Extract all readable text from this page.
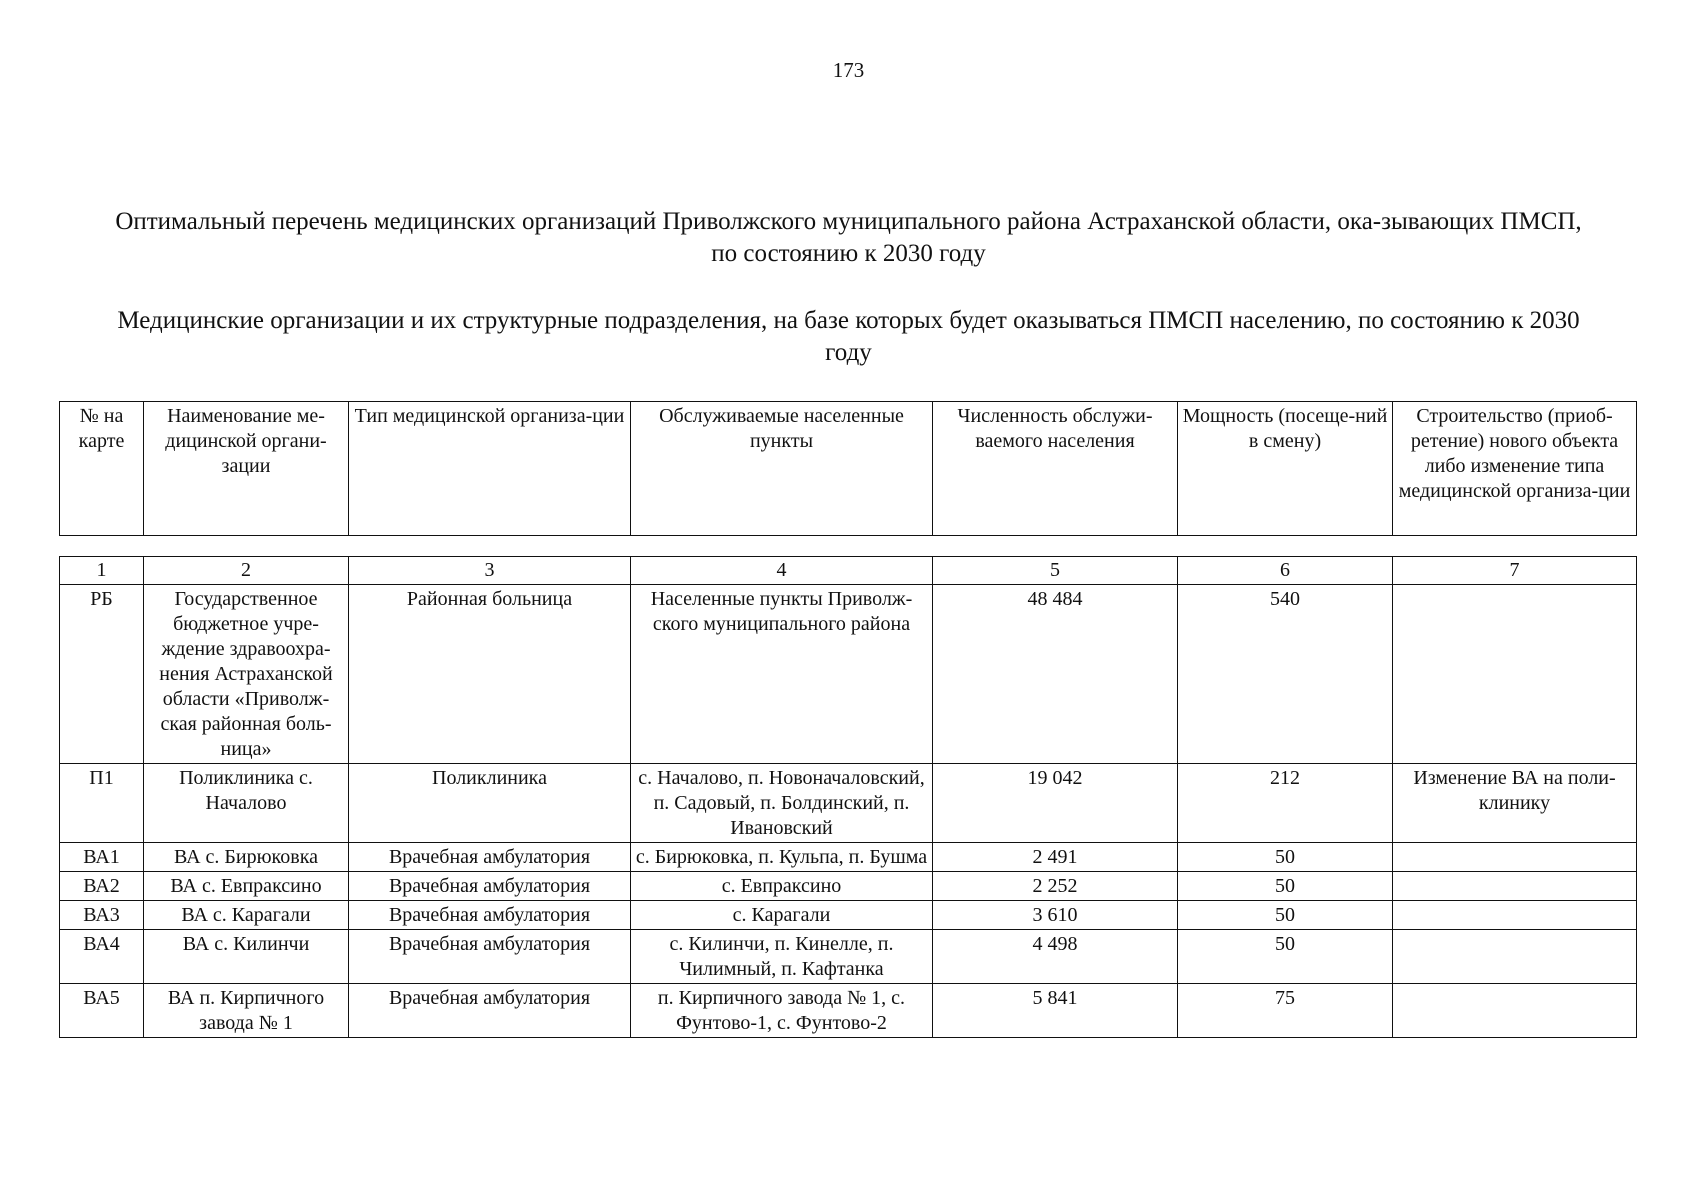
173
Оптимальный перечень медицинских организаций Приволжского муниципального района Астраханской области, ока-зывающих ПМСП, по состоянию к 2030 году
Медицинские организации и их структурные подразделения, на базе которых будет оказываться ПМСП населению, по состоянию к 2030 году
№ на карте	Наименование ме-дицинской органи-зации	Тип медицинской организа-ции	Обслуживаемые населенные пункты	Численность обслужи-ваемого населения	Мощность (посеще-ний в смену)	Строительство (приоб-ретение) нового объекта либо изменение типа медицинской организа-ции
1	2	3	4	5	6	7
РБ	Государственное бюджетное учре-ждение здравоохра-нения Астраханской области «Приволж-ская районная боль-ница»	Районная больница	Населенные пункты Приволж-ского муниципального района	48 484	540	
П1	Поликлиника с. Началово	Поликлиника	с. Началово, п. Новоначаловский, п. Садовый, п. Болдинский, п. Ивановский	19 042	212	Изменение ВА на поли-клинику
ВА1	ВА с. Бирюковка	Врачебная амбулатория	с. Бирюковка, п. Кульпа, п. Бушма	2 491	50	
ВА2	ВА с. Евпраксино	Врачебная амбулатория	с. Евпраксино	2 252	50	
ВА3	ВА с. Карагали	Врачебная амбулатория	с. Карагали	3 610	50	
ВА4	ВА с. Килинчи	Врачебная амбулатория	с. Килинчи, п. Кинелле, п. Чилимный, п. Кафтанка	4 498	50	
ВА5	ВА п. Кирпичного завода № 1	Врачебная амбулатория	п. Кирпичного завода № 1, с. Фунтово-1, с. Фунтово-2	5 841	75	
